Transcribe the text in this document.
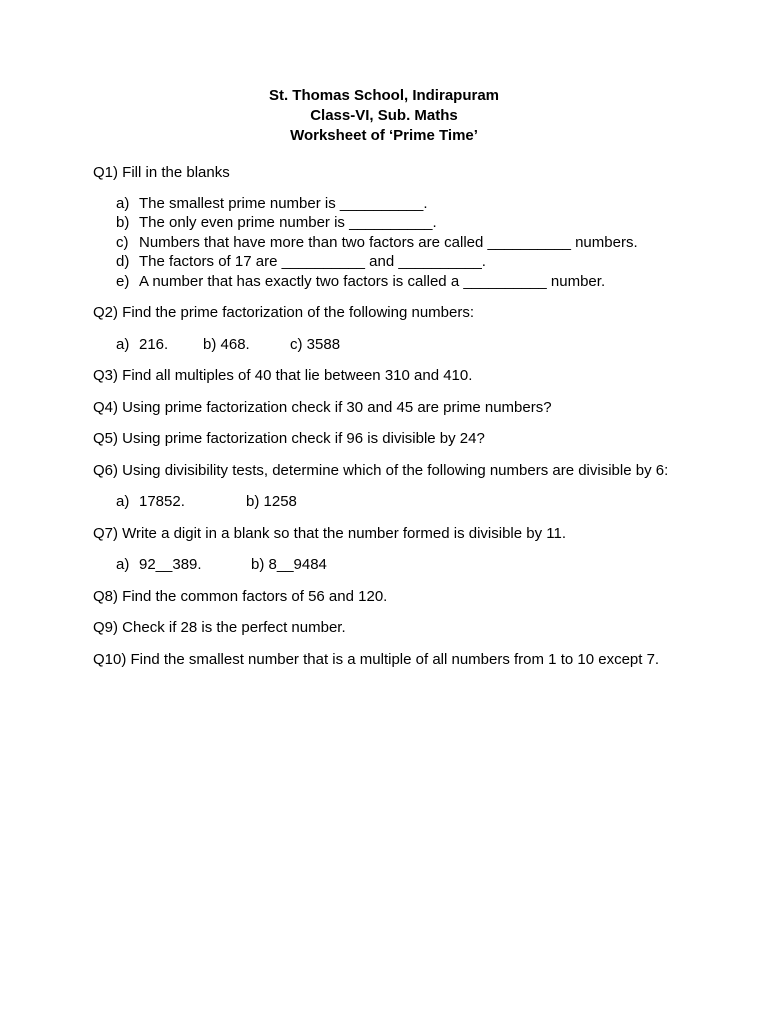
St. Thomas School, Indirapuram
Class-VI, Sub. Maths
Worksheet of ‘Prime Time’

Q1) Fill in the blanks

a) The smallest prime number is __________.
b) The only even prime number is __________.
c) Numbers that have more than two factors are called __________ numbers.
d) The factors of 17 are __________ and __________.
e) A number that has exactly two factors is called a __________ number.

Q2) Find the prime factorization of the following numbers:

a) 216. b) 468.	c) 3588

Q3) Find all multiples of 40 that lie between 310 and 410.

Q4) Using prime factorization check if 30 and 45 are prime numbers?

Q5) Using prime factorization check if 96 is divisible by 24?

Q6) Using divisibility tests, determine which of the following numbers are divisible by 6:

a) 17852.	b) 1258

Q7) Write a digit in a blank so that the number formed is divisible by 11.

a) 92__389.	b) 8__9484

Q8) Find the common factors of 56 and 120.

Q9) Check if 28 is the perfect number.

Q10) Find the smallest number that is a multiple of all numbers from 1 to 10 except 7.
